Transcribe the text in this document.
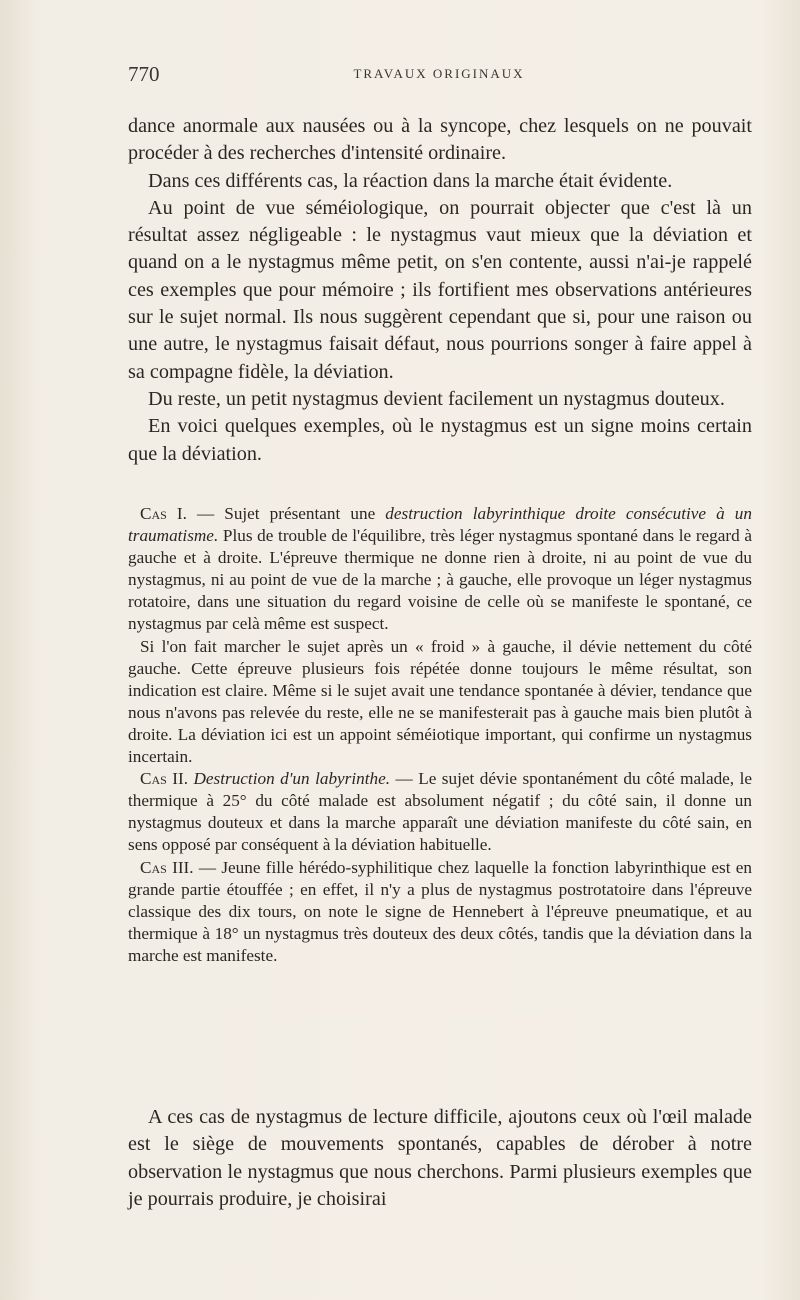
770	TRAVAUX ORIGINAUX

dance anormale aux nausées ou à la syncope, chez lesquels on ne pouvait procéder à des recherches d'intensité ordinaire.

Dans ces différents cas, la réaction dans la marche était évidente.

Au point de vue séméiologique, on pourrait objecter que c'est là un résultat assez négligeable : le nystagmus vaut mieux que la déviation et quand on a le nystagmus même petit, on s'en contente, aussi n'ai-je rappelé ces exemples que pour mémoire ; ils fortifient mes observations antérieures sur le sujet normal. Ils nous suggèrent cependant que si, pour une raison ou une autre, le nystagmus faisait défaut, nous pourrions songer à faire appel à sa compagne fidèle, la déviation.

Du reste, un petit nystagmus devient facilement un nystagmus douteux.

En voici quelques exemples, où le nystagmus est un signe moins certain que la déviation.

Cas I. — Sujet présentant une destruction labyrinthique droite consécutive à un traumatisme. Plus de trouble de l'équilibre, très léger nystagmus spontané dans le regard à gauche et à droite. L'épreuve thermique ne donne rien à droite, ni au point de vue du nystagmus, ni au point de vue de la marche ; à gauche, elle provoque un léger nystagmus rotatoire, dans une situation du regard voisine de celle où se manifeste le spontané, ce nystagmus par celà même est suspect.

Si l'on fait marcher le sujet après un « froid » à gauche, il dévie nettement du côté gauche. Cette épreuve plusieurs fois répétée donne toujours le même résultat, son indication est claire. Même si le sujet avait une tendance spontanée à dévier, tendance que nous n'avons pas relevée du reste, elle ne se manifesterait pas à gauche mais bien plutôt à droite. La déviation ici est un appoint séméiotique important, qui confirme un nystagmus incertain.

Cas II. Destruction d'un labyrinthe. — Le sujet dévie spontanément du côté malade, le thermique à 25° du côté malade est absolument négatif ; du côté sain, il donne un nystagmus douteux et dans la marche apparaît une déviation manifeste du côté sain, en sens opposé par conséquent à la déviation habituelle.

Cas III. — Jeune fille hérédo-syphilitique chez laquelle la fonction labyrinthique est en grande partie étouffée ; en effet, il n'y a plus de nystagmus postrotatoire dans l'épreuve classique des dix tours, on note le signe de Hennebert à l'épreuve pneumatique, et au thermique à 18° un nystagmus très douteux des deux côtés, tandis que la déviation dans la marche est manifeste.

A ces cas de nystagmus de lecture difficile, ajoutons ceux où l'œil malade est le siège de mouvements spontanés, capables de dérober à notre observation le nystagmus que nous cherchons. Parmi plusieurs exemples que je pourrais produire, je choisirai
